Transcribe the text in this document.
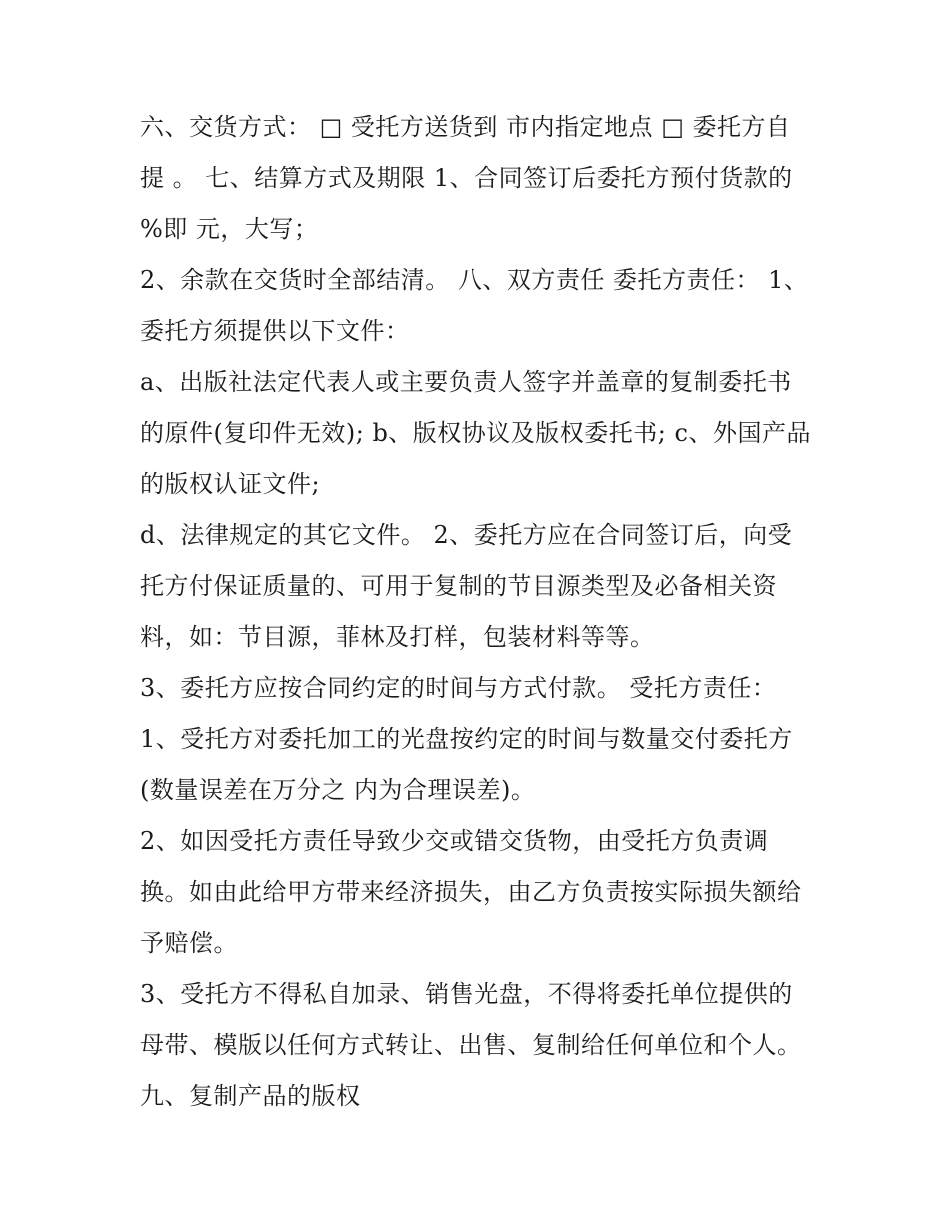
六、交货方式： □ 受托方送货到 市内指定地点 □ 委托方自

提 。 七、结算方式及期限 1、合同签订后委托方预付货款的

%即 元，大写；

2、余款在交货时全部结清。 八、双方责任 委托方责任： 1、

委托方须提供以下文件：

a、出版社法定代表人或主要负责人签字并盖章的复制委托书

的原件(复印件无效); b、版权协议及版权委托书; c、外国产品

的版权认证文件;

d、法律规定的其它文件。 2、委托方应在合同签订后，向受

托方付保证质量的、可用于复制的节目源类型及必备相关资

料，如：节目源，菲林及打样，包装材料等等。

3、委托方应按合同约定的时间与方式付款。 受托方责任：

1、受托方对委托加工的光盘按约定的时间与数量交付委托方

(数量误差在万分之 内为合理误差)。

2、如因受托方责任导致少交或错交货物，由受托方负责调

换。如由此给甲方带来经济损失，由乙方负责按实际损失额给

予赔偿。

3、受托方不得私自加录、销售光盘，不得将委托单位提供的

母带、模版以任何方式转让、出售、复制给任何单位和个人。

九、复制产品的版权
